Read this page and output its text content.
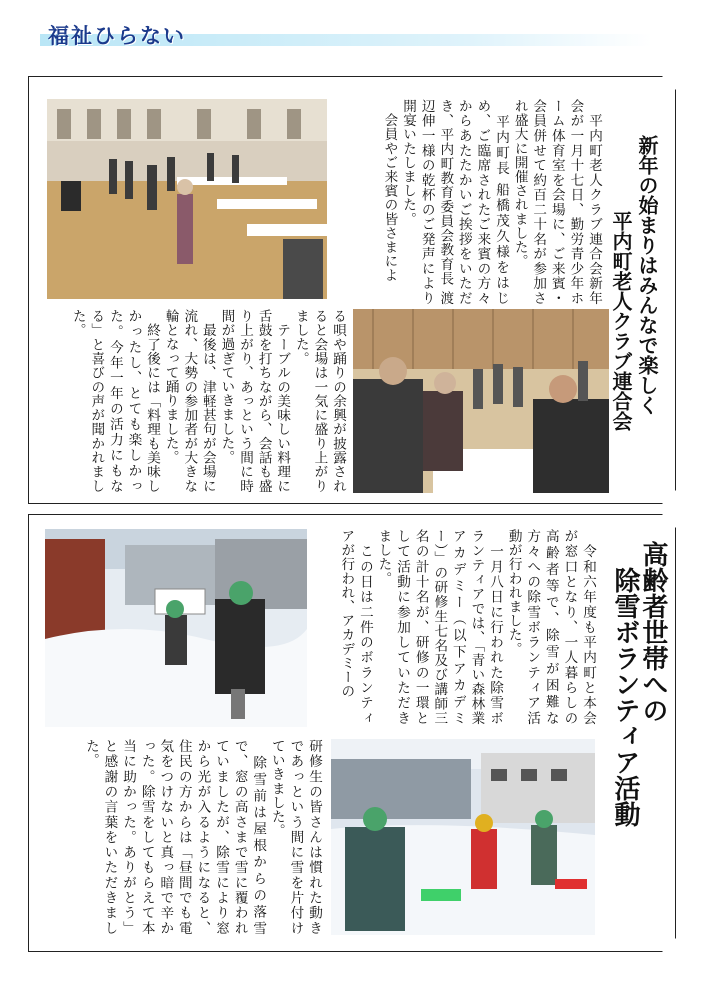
福祉ひらない
新年の始まりはみんなで楽しく
平内町老人クラブ連合会
　平内町老人クラブ連合会新年会が一月十七日、勤労青少年ホーム体育室を会場に、ご来賓・会員併せて約百二十名が参加され盛大に開催されました。
　平内町長 船橋茂久様をはじめ、ご臨席されたご来賓の方々からあたたかいご挨拶をいただき、平内町教育委員会教育長 渡辺伸一様の乾杯のご発声により開宴いたしました。
　会員やご来賓の皆さまによ
る唄や踊りの余興が披露されると会場は一気に盛り上がりました。
　テーブルの美味しい料理に舌鼓を打ちながら、会話も盛り上がり、あっという間に時間が過ぎていきました。
　最後は、津軽甚句が会場に流れ、大勢の参加者が大きな輪となって踊りました。
　終了後には「料理も美味しかったし、とても楽しかった。今年一年の活力にもなる」と喜びの声が聞かれました。
高齢者世帯への
除雪ボランティア活動
　令和六年度も平内町と本会が窓口となり、一人暮らしの高齢者等で、除雪が困難な方々への除雪ボランティア活動が行われました。
　一月八日に行われた除雪ボランティアでは、「青い森林業アカデミー（以下アカデミー）」の研修生七名及び講師三名の計十名が、研修の一環として活動に参加していただきました。
　この日は二件のボランティアが行われ、アカデミーの
研修生の皆さんは慣れた動きであっという間に雪を片付けていきました。
　除雪前は屋根からの落雪で、窓の高さまで雪に覆われていましたが、除雪により窓から光が入るようになると、住民の方からは「昼間でも電気をつけないと真っ暗で辛かった。除雪をしてもらえて本当に助かった。ありがとう」と感謝の言葉をいただきました。
